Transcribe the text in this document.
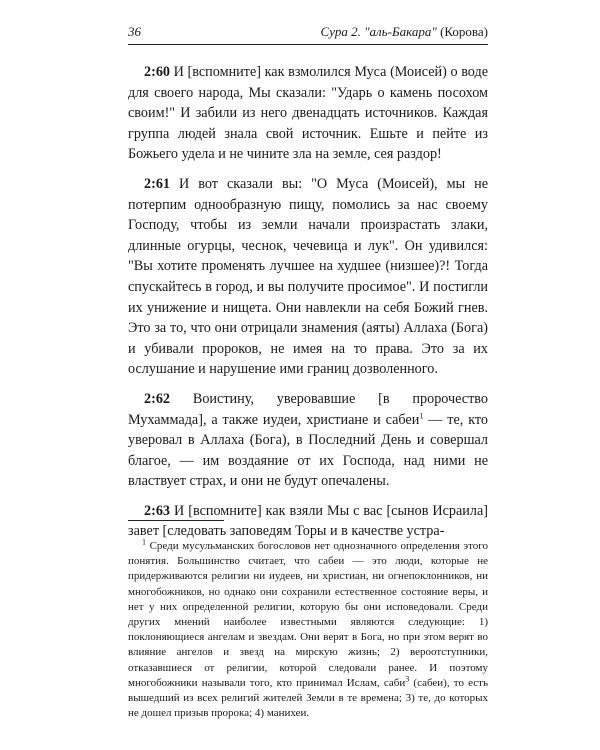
36	Сура 2. "аль-Бакара" (Корова)

2:60 И [вспомните] как взмолился Муса (Моисей) о воде для своего народа, Мы сказали: "Ударь о камень посохом своим!" И забили из него двенадцать источников. Каждая группа людей знала свой источник. Ешьте и пейте из Божьего удела и не чините зла на земле, сея раздор!

2:61 И вот сказали вы: "О Муса (Моисей), мы не потерпим однообразную пищу, помолись за нас своему Господу, чтобы из земли начали произрастать злаки, длинные огурцы, чеснок, чечевица и лук". Он удивился: "Вы хотите променять лучшее на худшее (низшее)?! Тогда спускайтесь в город, и вы получите просимое". И постигли их унижение и нищета. Они навлекли на себя Божий гнев. Это за то, что они отрицали знамения (аяты) Аллаха (Бога) и убивали пророков, не имея на то права. Это за их ослушание и нарушение ими границ дозволенного.

2:62 Воистину, уверовавшие [в пророчество Мухаммада], а также иудеи, христиане и сабеи$^1$ — те, кто уверовал в Аллаха (Бога), в Последний День и совершал благое, — им воздаяние от их Господа, над ними не властвует страх, и они не будут опечалены.

2:63 И [вспомните] как взяли Мы с вас [сынов Исраила] завет [следовать заповедям Торы и в качестве устра-

$^1$ Среди мусульманских богословов нет однозначного определения этого понятия. Большинство считает, что сабеи — это люди, которые не придерживаются религии ни иудеев, ни христиан, ни огнепоклонников, ни многобожников, но однако они сохранили естественное состояние веры, и нет у них определенной религии, которую бы они исповедовали. Среди других мнений наиболее известными являются следующие: 1) поклоняющиеся ангелам и звездам. Они верят в Бога, но при этом верят во влияние ангелов и звезд на мирскую жизнь; 2) вероотступники, отказавшиеся от религии, которой следовали ранее. И поэтому многобожники называли того, кто принимал Ислам, саби$^3$ (сабеи), то есть вышедший из всех религий жителей Земли в те времена; 3) те, до которых не дошел призыв пророка; 4) манихеи.
